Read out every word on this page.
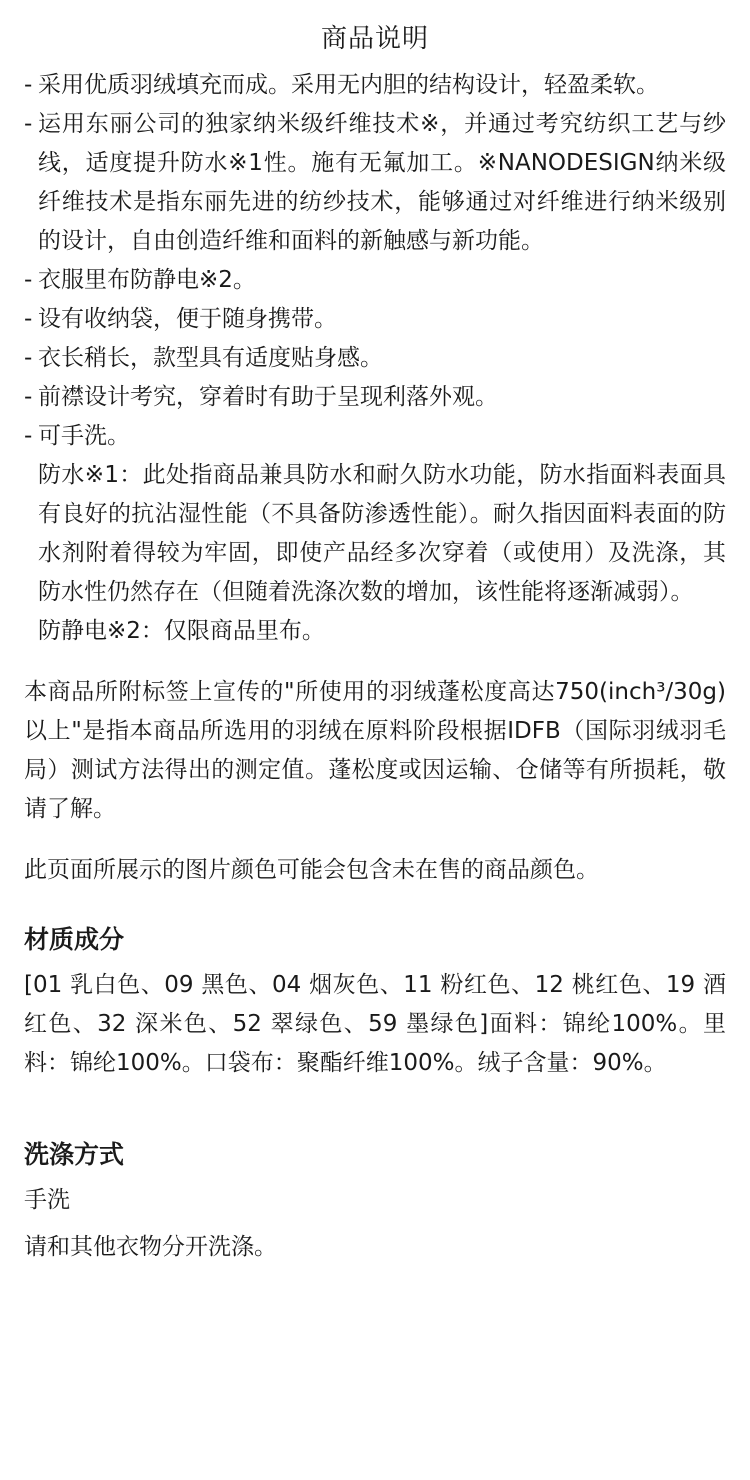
商品说明
- 采用优质羽绒填充而成。采用无内胆的结构设计，轻盈柔软。
- 运用东丽公司的独家纳米级纤维技术※，并通过考究纺织工艺与纱线，适度提升防水※1性。施有无氟加工。※NANODESIGN纳米级纤维技术是指东丽先进的纺纱技术，能够通过对纤维进行纳米级别的设计，自由创造纤维和面料的新触感与新功能。
- 衣服里布防静电※2。
- 设有收纳袋，便于随身携带。
- 衣长稍长，款型具有适度贴身感。
- 前襟设计考究，穿着时有助于呈现利落外观。
- 可手洗。

防水※1：此处指商品兼具防水和耐久防水功能，防水指面料表面具有良好的抗沾湿性能（不具备防渗透性能）。耐久指因面料表面的防水剂附着得较为牢固，即使产品经多次穿着（或使用）及洗涤，其防水性仍然存在（但随着洗涤次数的增加，该性能将逐渐减弱）。

防静电※2：仅限商品里布。

本商品所附标签上宣传的"所使用的羽绒蓬松度高达750(inch³/30g)以上"是指本商品所选用的羽绒在原料阶段根据IDFB（国际羽绒羽毛局）测试方法得出的测定值。蓬松度或因运输、仓储等有所损耗，敬请了解。

此页面所展示的图片颜色可能会包含未在售的商品颜色。

材质成分

[01 乳白色、09 黑色、04 烟灰色、11 粉红色、12 桃红色、19 酒红色、32 深米色、52 翠绿色、59 墨绿色]面料：锦纶100%。里料：锦纶100%。口袋布：聚酯纤维100%。绒子含量：90%。

洗涤方式

手洗

请和其他衣物分开洗涤。
